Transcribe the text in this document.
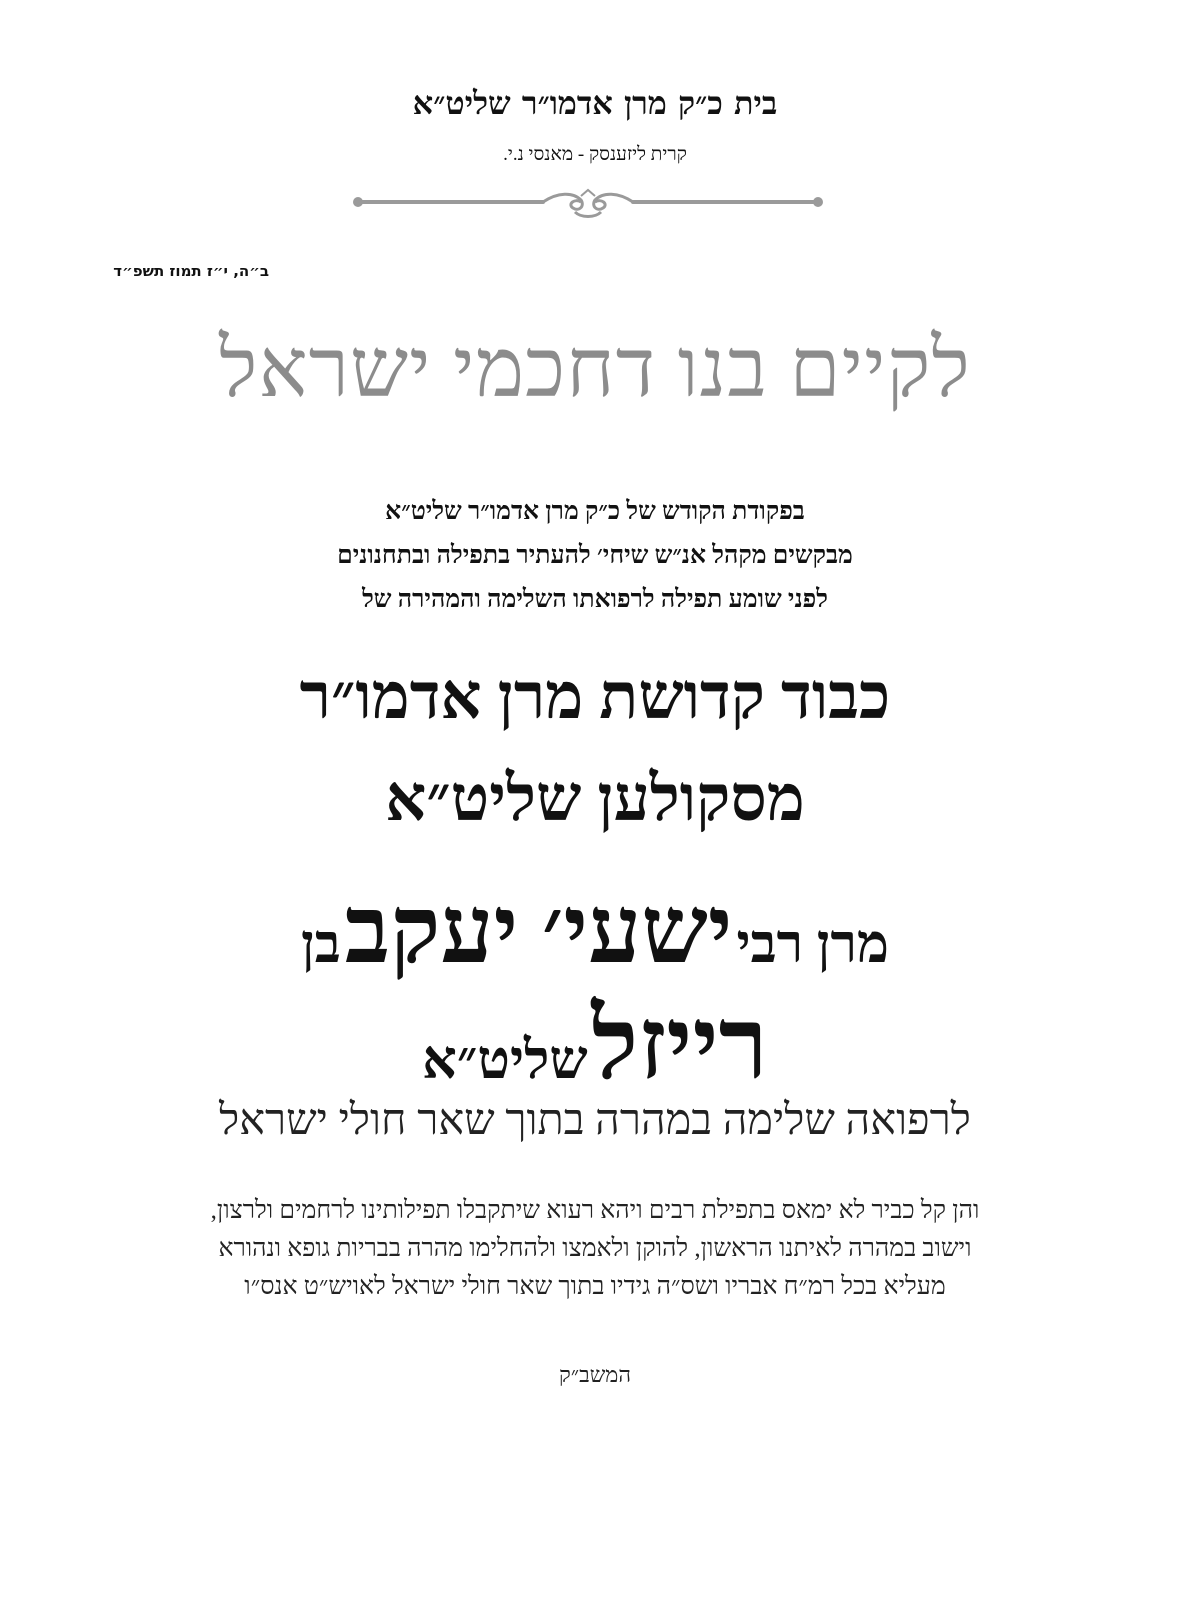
בית כ״ק מרן אדמו״ר שליט״א
קרית ליזענסק - מאנסי נ.י.
ב״ה, י״ז תמוז תשפ״ד
לקיים בנו דחכמי ישראל
בפקודת הקודש של כ״ק מרן אדמו״ר שליט״א
מבקשים מקהל אנ״ש שיחי׳ להעתיר בתפילה ובתחנונים
לפני שומע תפילה לרפואתו השלימה והמהירה של
כבוד קדושת מרן אדמו״ר
מסקולען שליט״א
מרן רבי ישעי׳ יעקב בן
רייזל שליט״א
לרפואה שלימה במהרה בתוך שאר חולי ישראל
והן קל כביר לא ימאס בתפילת רבים ויהא רעוא שיתקבלו תפילותינו לרחמים ולרצון,
וישוב במהרה לאיתנו הראשון, להוקן ולאמצו ולהחלימו מהרה בבריות גופא ונהורא
מעליא בכל רמ״ח אבריו ושס״ה גידיו בתוך שאר חולי ישראל לאויש״ט אנס״ו
המשב״ק
